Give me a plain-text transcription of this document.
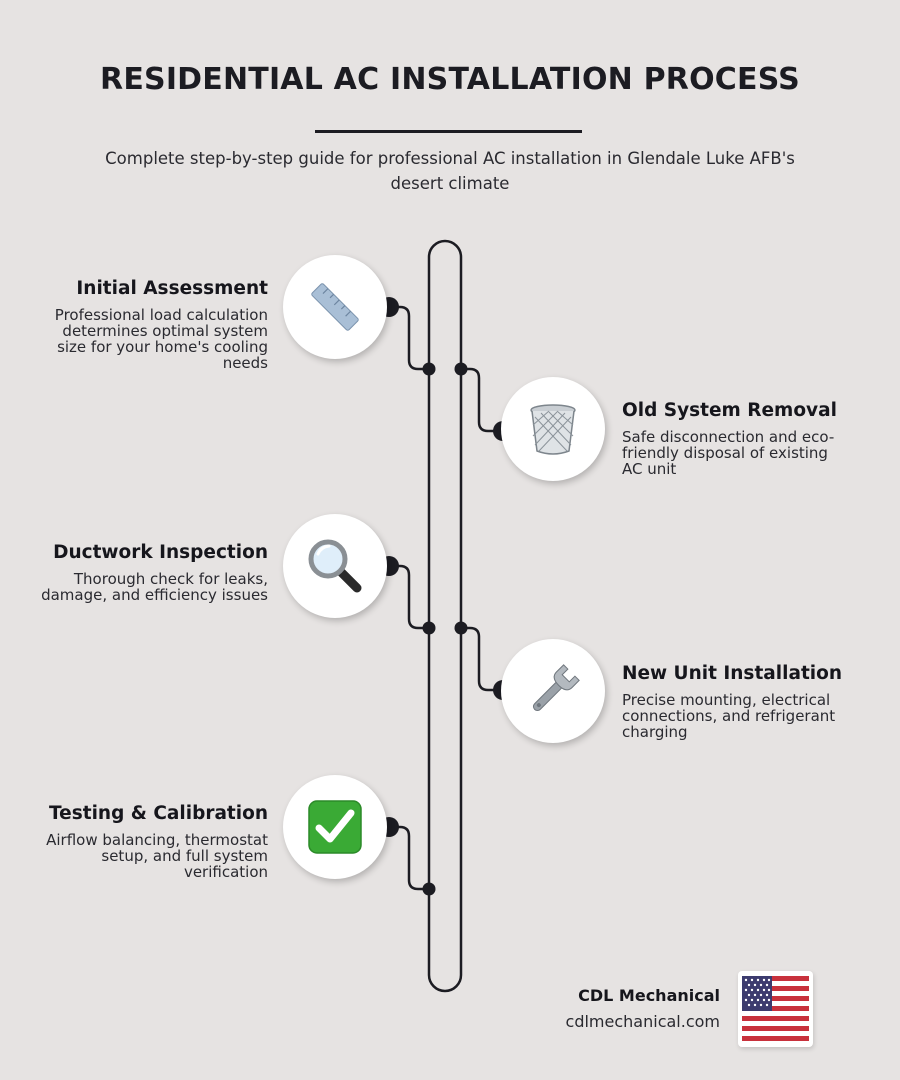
RESIDENTIAL AC INSTALLATION PROCESS
Complete step-by-step guide for professional AC installation in Glendale Luke AFB's desert climate
Initial Assessment

Professional load calculation determines optimal system size for your home's cooling needs

Old System Removal

Safe disconnection and eco-friendly disposal of existing AC unit

Ductwork Inspection

Thorough check for leaks, damage, and efficiency issues

New Unit Installation

Precise mounting, electrical connections, and refrigerant charging

Testing & Calibration

Airflow balancing, thermostat setup, and full system verification

CDL Mechanical
cdlmechanical.com
